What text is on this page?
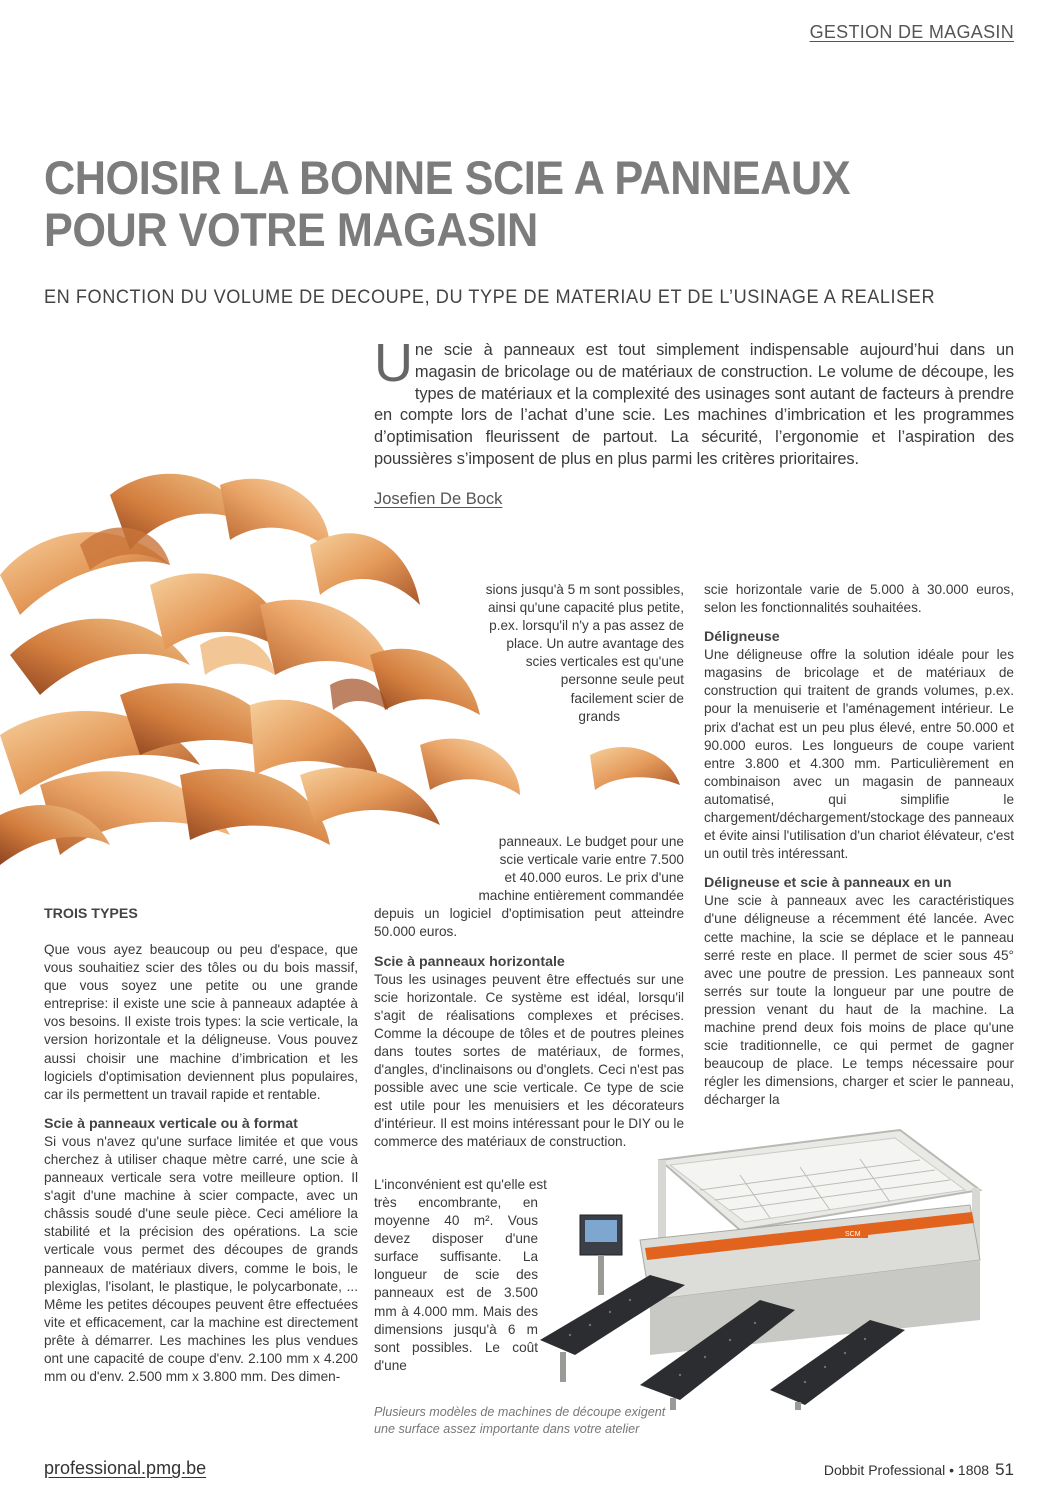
GESTION DE MAGASIN
CHOISIR LA BONNE SCIE A PANNEAUX POUR VOTRE MAGASIN
EN FONCTION DU VOLUME DE DECOUPE, DU TYPE DE MATERIAU ET DE L’USINAGE A REALISER
Une scie à panneaux est tout simplement indispensable aujourd’hui dans un magasin de bricolage ou de matériaux de construction. Le volume de découpe, les types de matériaux et la complexité des usinages sont autant de facteurs à prendre en compte lors de l’achat d’une scie. Les machines d’imbrication et les programmes d’optimisation fleurissent de partout. La sécurité, l’ergonomie et l’aspiration des poussières s’imposent de plus en plus parmi les critères prioritaires.
Josefien De Bock
TROIS TYPES

Que vous ayez beaucoup ou peu d'espace, que vous souhaitiez scier des tôles ou du bois massif, que vous soyez une petite ou une grande entreprise: il existe une scie à panneaux adaptée à vos besoins. Il existe trois types: la scie verticale, la version horizontale et la déligneuse. Vous pouvez aussi choisir une machine d’imbrication et les logiciels d'optimisation deviennent plus populaires, car ils permettent un travail rapide et rentable.

Scie à panneaux verticale ou à format

Si vous n'avez qu'une surface limitée et que vous cherchez à utiliser chaque mètre carré, une scie à panneaux verticale sera votre meilleure option. Il s'agit d'une machine à scier compacte, avec un châssis soudé d'une seule pièce. Ceci améliore la stabilité et la précision des opérations. La scie verticale vous permet des découpes de grands panneaux de matériaux divers, comme le bois, le plexiglas, l'isolant, le plastique, le polycarbonate, ... Même les petites découpes peuvent être effectuées vite et efficacement, car la machine est directement prête à démarrer. Les machines les plus vendues ont une capacité de coupe d'env. 2.100 mm x 4.200 mm ou d'env. 2.500 mm x 3.800 mm. Des dimen-

sions jusqu'à 5 m sont possibles,
ainsi qu'une capacité plus petite,
p.ex. lorsqu'il n'y a pas assez de
place. Un autre avantage des
scies verticales est qu'une
personne seule peut
facilement scier de
grands
panneaux. Le budget pour une
scie verticale varie entre 7.500
et 40.000 euros. Le prix d'une
machine entièrement commandée

depuis un logiciel d'optimisation peut atteindre 50.000 euros.

Scie à panneaux horizontale

Tous les usinages peuvent être effectués sur une scie horizontale. Ce système est idéal, lorsqu'il s'agit de réalisations complexes et précises. Comme la découpe de tôles et de poutres pleines dans toutes sortes de matériaux, de formes, d'angles, d'inclinaisons ou d'onglets. Ceci n'est pas possible avec une scie verticale. Ce type de scie est utile pour les menuisiers et les décorateurs d'intérieur. Il est moins intéressant pour le DIY ou le commerce des matériaux de construction.

L'inconvénient est qu'elle est

très encombrante, en moyenne 40 m². Vous devez disposer d'une surface suffisante. La longueur de scie des panneaux est de 3.500 mm à 4.000 mm. Mais des dimensions jusqu'à 6 m sont possibles. Le coût d'une

scie horizontale varie de 5.000 à 30.000 euros, selon les fonctionnalités souhaitées.

Déligneuse

Une déligneuse offre la solution idéale pour les magasins de bricolage et de matériaux de construction qui traitent de grands volumes, p.ex. pour la menuiserie et l'aménagement intérieur. Le prix d'achat est un peu plus élevé, entre 50.000 et 90.000 euros. Les longueurs de coupe varient entre 3.800 et 4.300 mm. Particulièrement en combinaison avec un magasin de panneaux automatisé, qui simplifie le chargement/déchargement/stockage des panneaux et évite ainsi l'utilisation d'un chariot élévateur, c'est un outil très intéressant.

Déligneuse et scie à panneaux en un

Une scie à panneaux avec les caractéristiques d'une déligneuse a récemment été lancée. Avec cette machine, la scie se déplace et le panneau serré reste en place. Il permet de scier sous 45° avec une poutre de pression. Les panneaux sont serrés sur toute la longueur par une poutre de pression venant du haut de la machine. La machine prend deux fois moins de place qu'une scie traditionnelle, ce qui permet de gagner beaucoup de place. Le temps nécessaire pour régler les dimensions, charger et scier le panneau, décharger la

SCM
Plusieurs modèles de machines de découpe exigent une surface assez importante dans votre atelier
professional.pmg.be	Dobbit Professional • 1808 51
